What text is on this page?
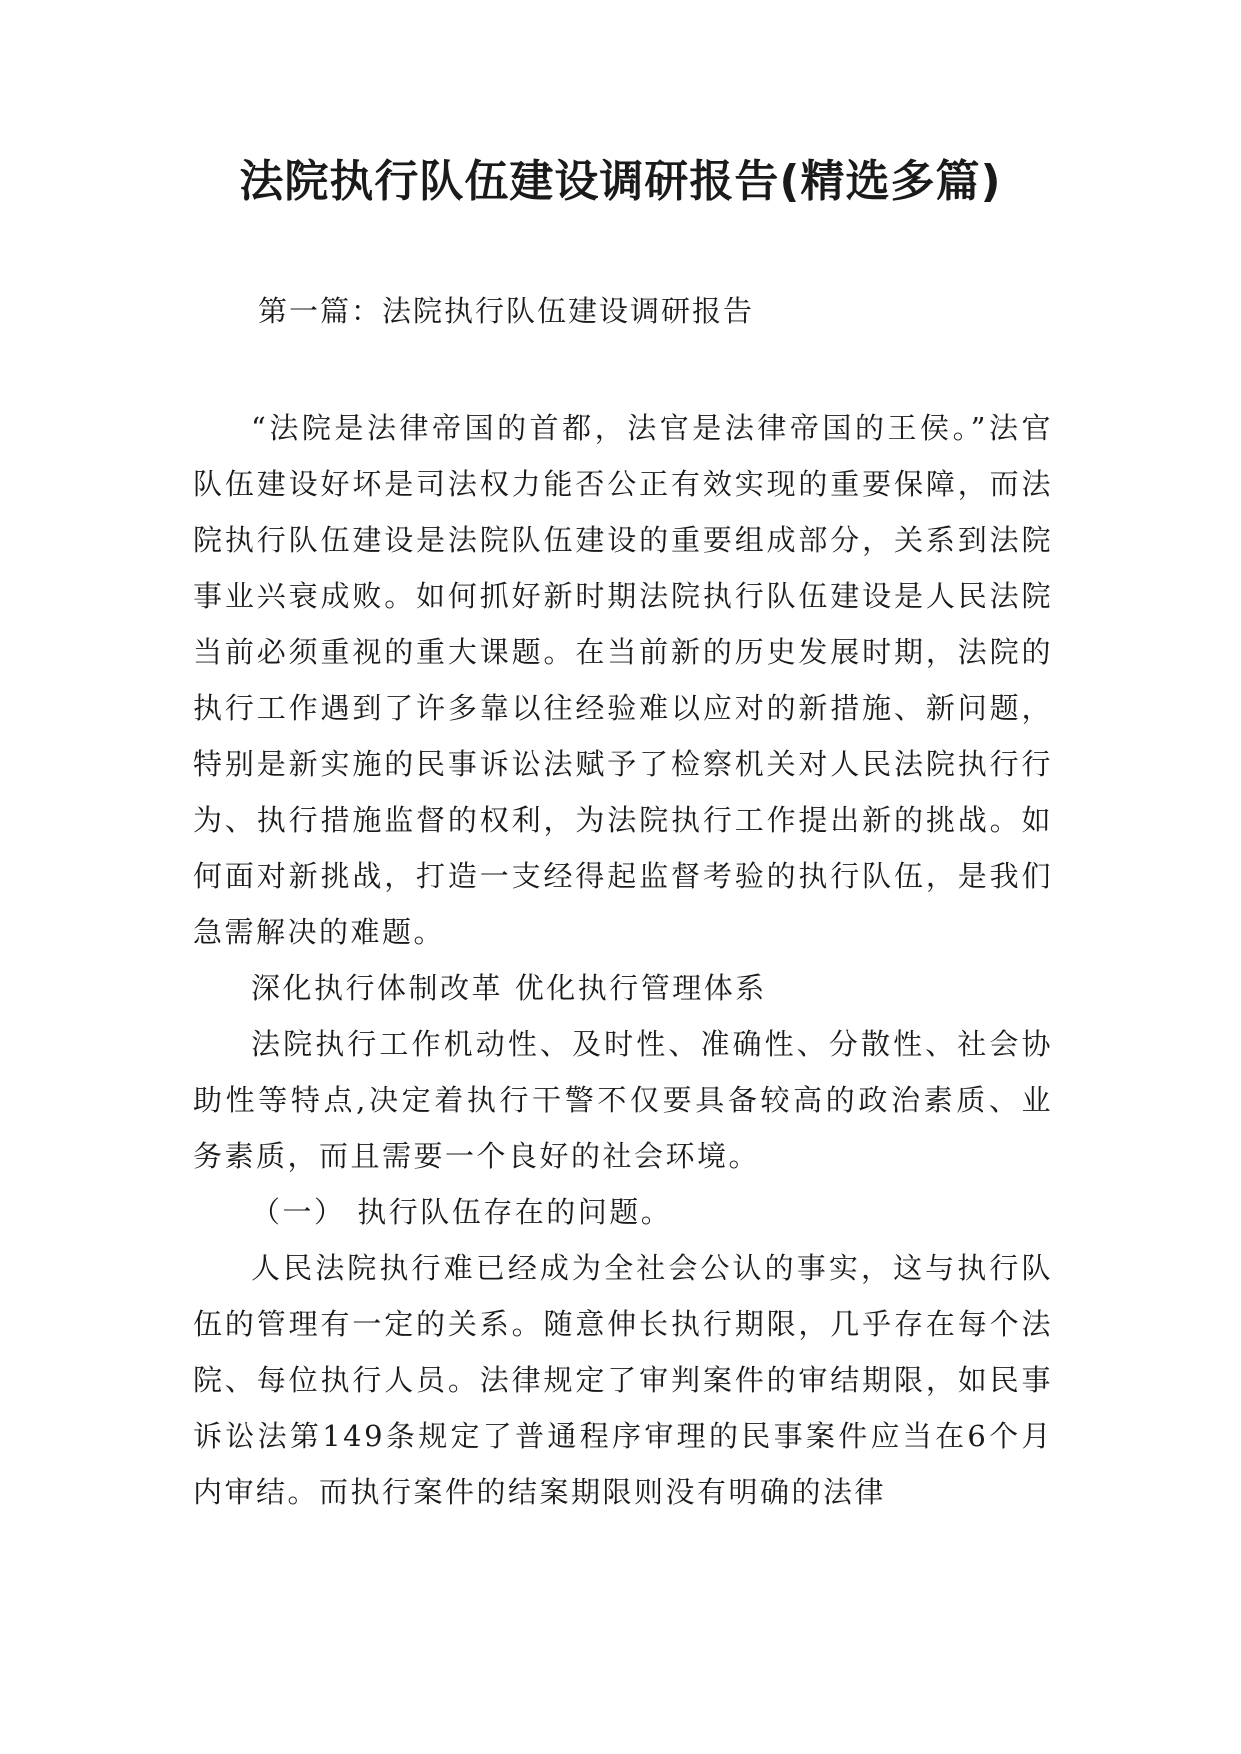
法院执行队伍建设调研报告(精选多篇)

第一篇：法院执行队伍建设调研报告

“法院是法律帝国的首都，法官是法律帝国的王侯。”法官队伍建设好坏是司法权力能否公正有效实现的重要保障，而法院执行队伍建设是法院队伍建设的重要组成部分，关系到法院事业兴衰成败。如何抓好新时期法院执行队伍建设是人民法院当前必须重视的重大课题。在当前新的历史发展时期，法院的执行工作遇到了许多靠以往经验难以应对的新措施、新问题，特别是新实施的民事诉讼法赋予了检察机关对人民法院执行行为、执行措施监督的权利，为法院执行工作提出新的挑战。如何面对新挑战，打造一支经得起监督考验的执行队伍，是我们急需解决的难题。

深化执行体制改革 优化执行管理体系

法院执行工作机动性、及时性、准确性、分散性、社会协助性等特点,决定着执行干警不仅要具备较高的政治素质、业务素质，而且需要一个良好的社会环境。

（一） 执行队伍存在的问题。

人民法院执行难已经成为全社会公认的事实，这与执行队伍的管理有一定的关系。随意伸长执行期限，几乎存在每个法院、每位执行人员。法律规定了审判案件的审结期限，如民事诉讼法第149条规定了普通程序审理的民事案件应当在6个月内审结。而执行案件的结案期限则没有明确的法律
